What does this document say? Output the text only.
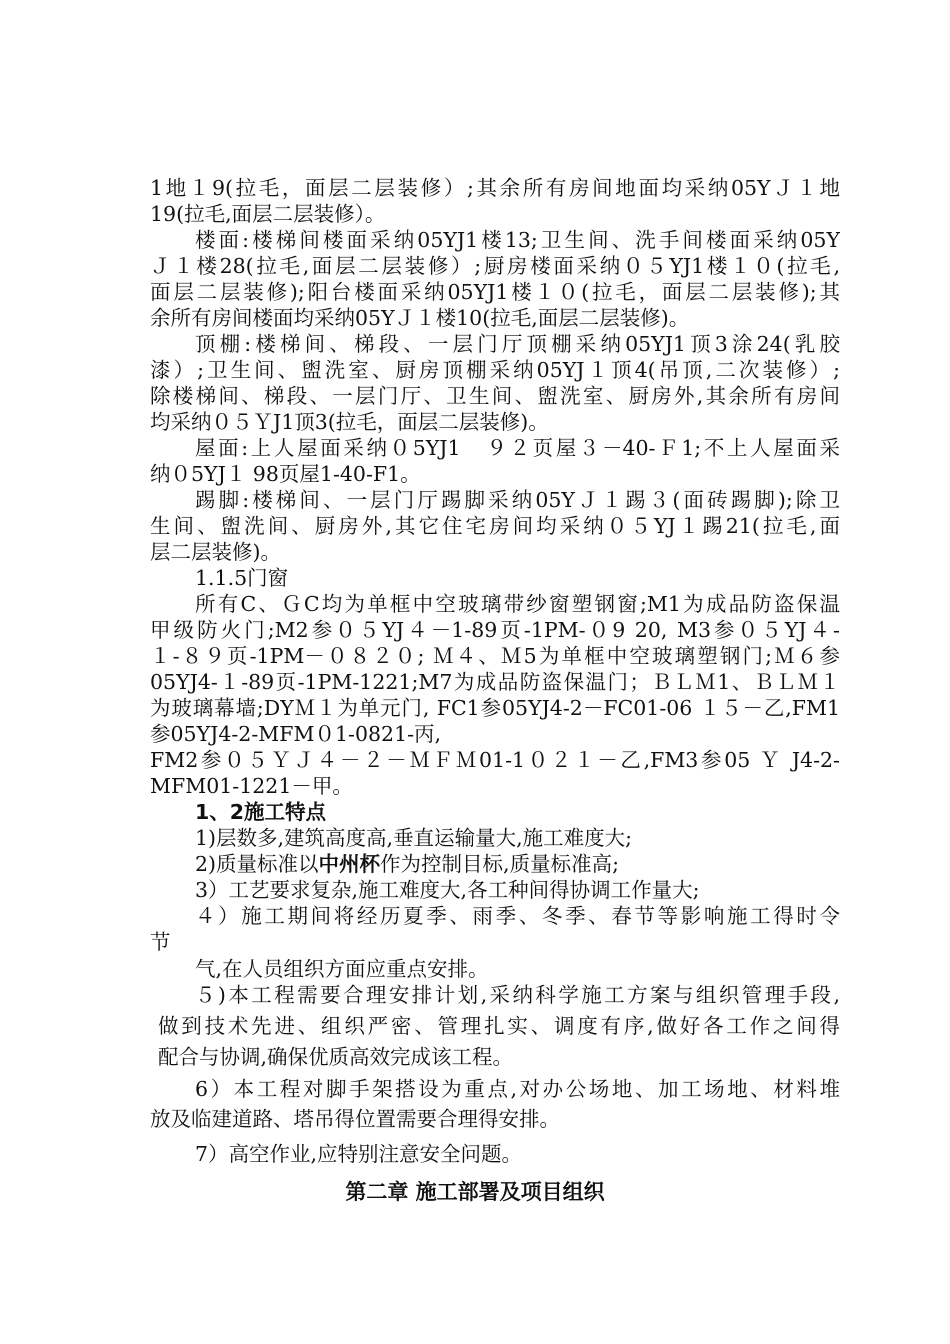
1地１9(拉毛，面层二层装修）;其余所有房间地面均采纳05YＪ１地
19(拉毛,面层二层装修）。
楼面:楼梯间楼面采纳05YJ1楼13;卫生间、洗手间楼面采纳05Y
Ｊ１楼28(拉毛,面层二层装修）;厨房楼面采纳０５YJ1楼１０(拉毛,
面层二层装修);阳台楼面采纳05YJ1楼１０(拉毛，面层二层装修);其
余所有房间楼面均采纳05YＪ１楼10(拉毛,面层二层装修)。
顶棚:楼梯间、梯段、一层门厅顶棚采纳05YJ1顶3涂24(乳胶
漆）;卫生间、盥洗室、厨房顶棚采纳05YJ１顶4(吊顶,二次装修）;
除楼梯间、梯段、一层门厅、卫生间、盥洗室、厨房外,其余所有房间
均采纳０５ＹJ1顶3(拉毛，面层二层装修)。
屋面:上人屋面采纳０5YJ1　９２页屋３－40-Ｆ1;不上人屋面采
纳０5YJ１ 98页屋1-40-F1。
踢脚:楼梯间、一层门厅踢脚采纳05YＪ１踢３(面砖踢脚);除卫
生间、盥洗间、厨房外,其它住宅房间均采纳０５YJ１踢21(拉毛,面
层二层装修)。
1.1.5门窗
所有C、ＧC均为单框中空玻璃带纱窗塑钢窗;M1为成品防盗保温
甲级防火门;M2参０５YJ４－1-89页-1PM-０9 20, M3参０５YJ４-
１-８９页-1PM－０８２０; Ｍ４、Ｍ5为单框中空玻璃塑钢门;Ｍ６参
05YJ4-１-89页-1PM-1221;M7为成品防盗保温门；ＢＬＭ1、ＢＬＭ１
为玻璃幕墙;DYＭ１为单元门, FC1参05YJ4-2－FC01-06 １５－乙,FM1
参05YJ4-2-MFM０1-0821-丙,
FM2参０５ＹＪ４－２－ＭＦＭ01-1０２１－乙,FM3参05 Ｙ J4-2-
MFM01-1221－甲。
1、2施工特点
1)层数多,建筑高度高,垂直运输量大,施工难度大;
2)质量标准以中州杯作为控制目标,质量标准高;
3）工艺要求复杂,施工难度大,各工种间得协调工作量大;
４）施工期间将经历夏季、雨季、冬季、春节等影响施工得时令
节
气,在人员组织方面应重点安排。
５)本工程需要合理安排计划,采纳科学施工方案与组织管理手段,
做到技术先进、组织严密、管理扎实、调度有序,做好各工作之间得
配合与协调,确保优质高效完成该工程。
6）本工程对脚手架搭设为重点,对办公场地、加工场地、材料堆
放及临建道路、塔吊得位置需要合理得安排。
7）高空作业,应特别注意安全问题。
第二章 施工部署及项目组织
